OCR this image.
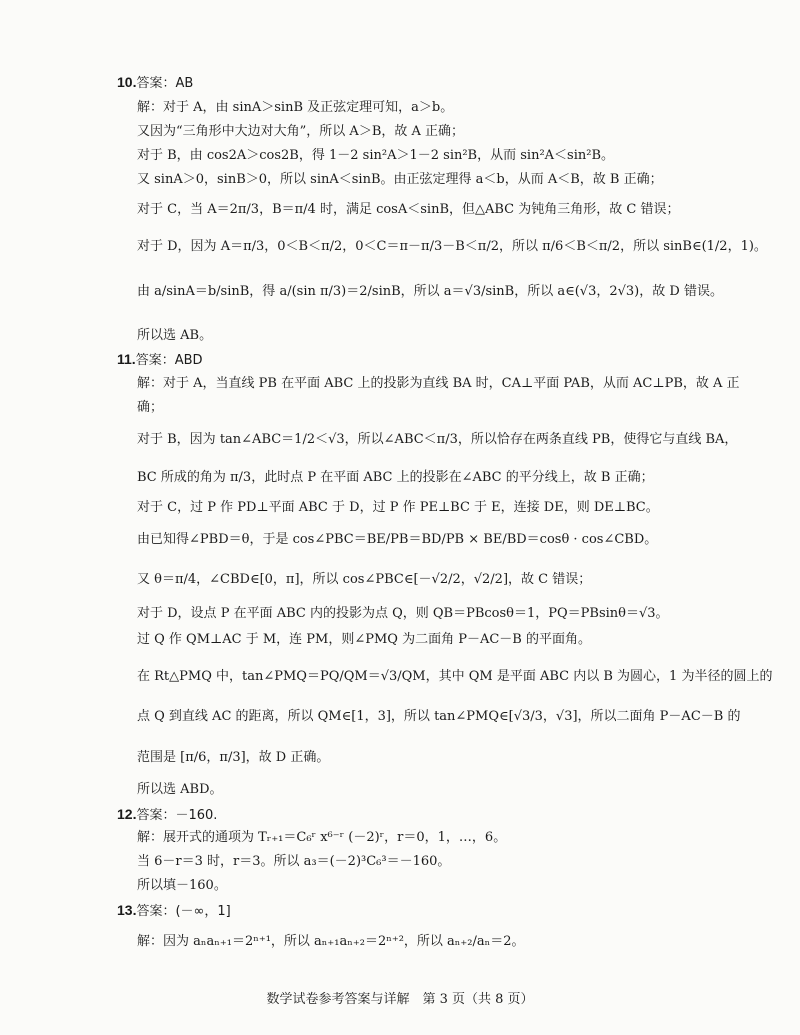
10.答案：AB
解：对于 A，由 sinA＞sinB 及正弦定理可知，a＞b。
又因为“三角形中大边对大角”，所以 A＞B，故 A 正确；
对于 B，由 cos2A＞cos2B，得 1－2 sin²A＞1－2 sin²B，从而 sin²A＜sin²B。
又 sinA＞0，sinB＞0，所以 sinA＜sinB。由正弦定理得 a＜b，从而 A＜B，故 B 正确；
对于 C，当 A＝2π/3，B＝π/4 时，满足 cosA＜sinB，但△ABC 为钝角三角形，故 C 错误；
对于 D，因为 A＝π/3，0＜B＜π/2，0＜C＝π－π/3－B＜π/2，所以 π/6＜B＜π/2，所以 sinB∈(1/2，1)。
由 a/sinA＝b/sinB，得 a/(sin π/3)＝2/sinB，所以 a＝√3/sinB，所以 a∈(√3，2√3)，故 D 错误。
所以选 AB。
11.答案：ABD
解：对于 A，当直线 PB 在平面 ABC 上的投影为直线 BA 时，CA⊥平面 PAB，从而 AC⊥PB，故 A 正
确；
对于 B，因为 tan∠ABC＝1/2＜√3，所以∠ABC＜π/3，所以恰存在两条直线 PB，使得它与直线 BA，
BC 所成的角为 π/3，此时点 P 在平面 ABC 上的投影在∠ABC 的平分线上，故 B 正确；
对于 C，过 P 作 PD⊥平面 ABC 于 D，过 P 作 PE⊥BC 于 E，连接 DE，则 DE⊥BC。
由已知得∠PBD＝θ，于是 cos∠PBC＝BE/PB＝BD/PB × BE/BD＝cosθ · cos∠CBD。
又 θ＝π/4，∠CBD∈[0，π]，所以 cos∠PBC∈[－√2/2，√2/2]，故 C 错误；
对于 D，设点 P 在平面 ABC 内的投影为点 Q，则 QB＝PBcosθ＝1，PQ＝PBsinθ＝√3。
过 Q 作 QM⊥AC 于 M，连 PM，则∠PMQ 为二面角 P－AC－B 的平面角。
在 Rt△PMQ 中，tan∠PMQ＝PQ/QM＝√3/QM，其中 QM 是平面 ABC 内以 B 为圆心，1 为半径的圆上的
点 Q 到直线 AC 的距离，所以 QM∈[1，3]，所以 tan∠PMQ∈[√3/3，√3]，所以二面角 P－AC－B 的
范围是 [π/6，π/3]，故 D 正确。
所以选 ABD。
12.答案：－160.
解：展开式的通项为 Tᵣ₊₁＝C₆ʳ x⁶⁻ʳ (－2)ʳ，r＝0，1，…，6。
当 6－r＝3 时，r＝3。所以 a₃＝(－2)³C₆³＝－160。
所以填－160。
13.答案：(－∞，1]
解：因为 aₙaₙ₊₁＝2ⁿ⁺¹，所以 aₙ₊₁aₙ₊₂＝2ⁿ⁺²，所以 aₙ₊₂/aₙ＝2。
数学试卷参考答案与详解　第 3 页（共 8 页）
